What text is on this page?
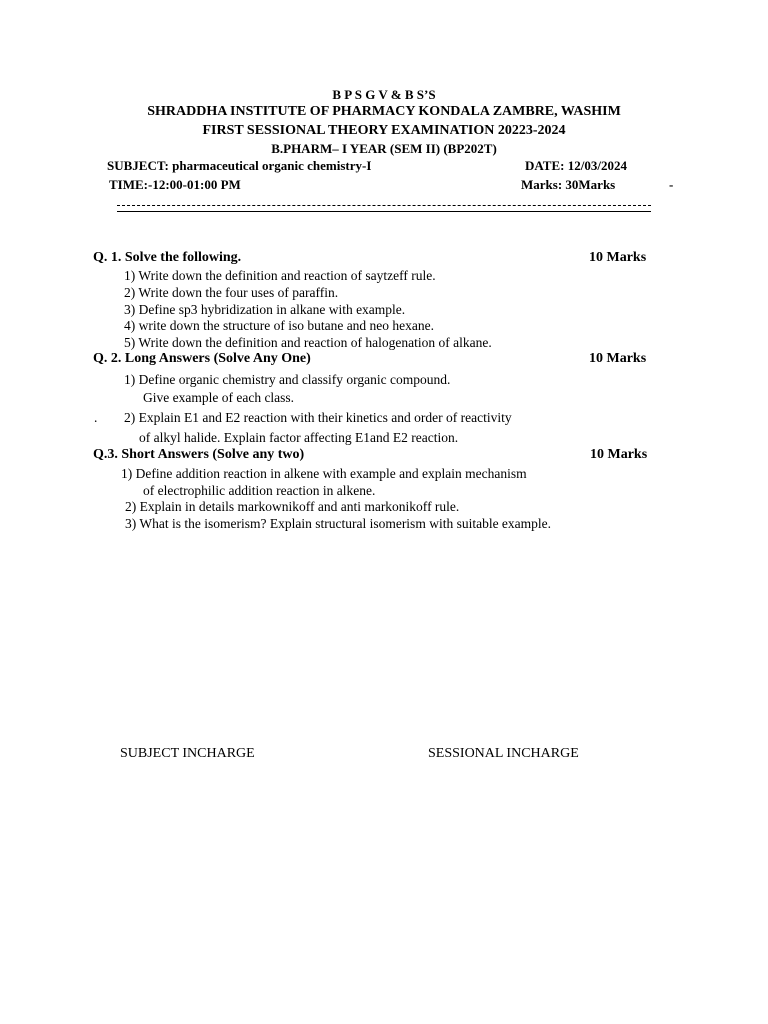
B P S G V & B S’S
SHRADDHA INSTITUTE OF PHARMACY KONDALA ZAMBRE, WASHIM
FIRST SESSIONAL THEORY EXAMINATION 20223-2024
B.PHARM– I YEAR (SEM II) (BP202T)
SUBJECT: pharmaceutical organic chemistry-I	DATE: 12/03/2024
TIME:-12:00-01:00 PM	Marks: 30Marks	-
Q. 1. Solve the following.	10 Marks
1) Write down the definition and reaction of saytzeff rule.
2) Write down the four uses of paraffin.
3) Define sp3 hybridization in alkane with example.
4) write down the structure of iso butane and neo hexane.
5) Write down the definition and reaction of halogenation of alkane.
Q. 2. Long Answers (Solve Any One)	10 Marks
1) Define organic chemistry and classify organic compound.
Give example of each class.
. 2) Explain E1 and E2 reaction with their kinetics and order of reactivity
of alkyl halide. Explain factor affecting E1and E2 reaction.
Q.3. Short Answers (Solve any two)	10 Marks
1) Define addition reaction in alkene with example and explain mechanism
of electrophilic addition reaction in alkene.
2) Explain in details markownikoff and anti markonikoff rule.
3) What is the isomerism? Explain structural isomerism with suitable example.
SUBJECT INCHARGE	SESSIONAL INCHARGE
